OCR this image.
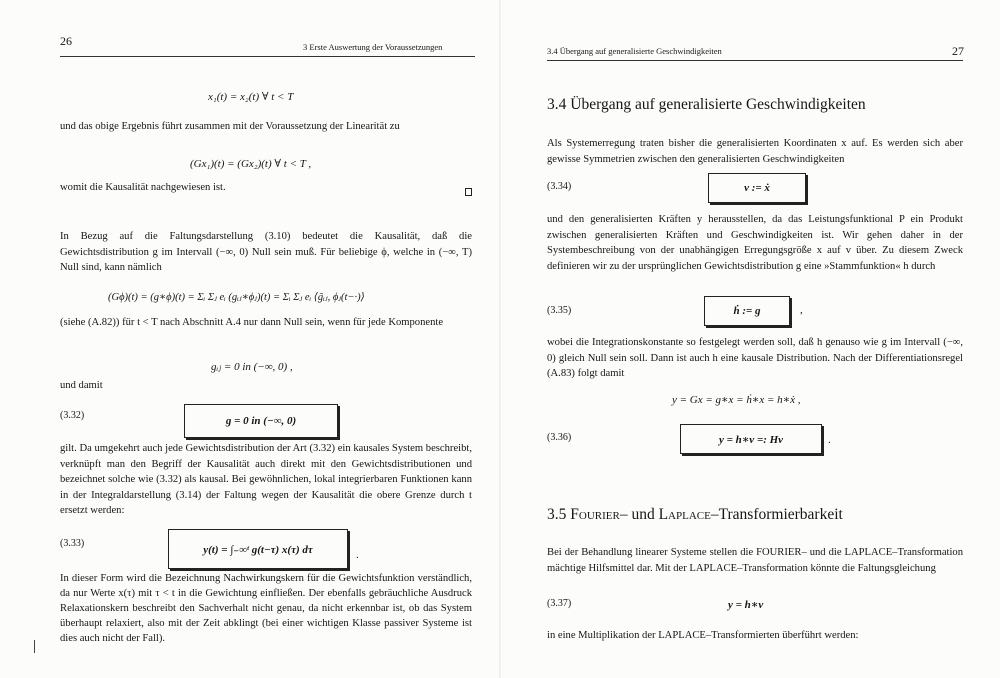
26	3 Erste Auswertung der Voraussetzungen
x₁(t) = x₂(t) ∀ t < T
und das obige Ergebnis führt zusammen mit der Voraussetzung der Linearität zu
(Gx₁)(t) = (Gx₂)(t) ∀ t < T ,
womit die Kausalität nachgewiesen ist.
In Bezug auf die Faltungsdarstellung (3.10) bedeutet die Kausalität, daß die Gewichtsdistribution g im Intervall (−∞, 0) Null sein muß. Für beliebige ϕ, welche in (−∞, T) Null sind, kann nämlich
(Gϕ)(t) = (g∗ϕ)(t) = Σᵢ Σⱼ eᵢ (gᵢⱼ∗ϕⱼ)(t) = Σᵢ Σⱼ eᵢ ⟨g̃ᵢⱼ, ϕⱼ(t−·)⟩
(siehe (A.82)) für t < T nach Abschnitt A.4 nur dann Null sein, wenn für jede Komponente
gᵢⱼ = 0 in (−∞, 0) ,
und damit
(3.32)	g = 0 in (−∞, 0)
gilt. Da umgekehrt auch jede Gewichtsdistribution der Art (3.32) ein kausales System beschreibt, verknüpft man den Begriff der Kausalität auch direkt mit den Gewichtsdistributionen und bezeichnet solche wie (3.32) als kausal. Bei gewöhnlichen, lokal integrierbaren Funktionen kann in der Integraldarstellung (3.14) der Faltung wegen der Kausalität die obere Grenze durch t ersetzt werden:
(3.33)	y(t) = ∫₋∞ᵗ g(t−τ) x(τ) dτ	.
In dieser Form wird die Bezeichnung Nachwirkungskern für die Gewichtsfunktion verständlich, da nur Werte x(τ) mit τ < t in die Gewichtung einfließen. Der ebenfalls gebräuchliche Ausdruck Relaxationskern beschreibt den Sachverhalt nicht genau, da nicht erkennbar ist, ob das System überhaupt relaxiert, also mit der Zeit abklingt (bei einer wichtigen Klasse passiver Systeme ist dies auch nicht der Fall).
3.4 Übergang auf generalisierte Geschwindigkeiten	27
3.4 Übergang auf generalisierte Geschwindigkeiten
Als Systemerregung traten bisher die generalisierten Koordinaten x auf. Es werden sich aber gewisse Symmetrien zwischen den generalisierten Geschwindigkeiten
(3.34)	v := ẋ
und den generalisierten Kräften y herausstellen, da das Leistungsfunktional P ein Produkt zwischen generalisierten Kräften und Geschwindigkeiten ist. Wir gehen daher in der Systembeschreibung von der unabhängigen Erregungsgröße x auf v über. Zu diesem Zweck definieren wir zu der ursprünglichen Gewichtsdistribution g eine »Stammfunktion« h durch
(3.35)	ḣ := g	,
wobei die Integrationskonstante so festgelegt werden soll, daß h genauso wie g im Intervall (−∞, 0) gleich Null sein soll. Dann ist auch h eine kausale Distribution. Nach der Differentiationsregel (A.83) folgt damit
y = Gx = g∗x = ḣ∗x = h∗ẋ ,
(3.36)	y = h∗v =: Hv	.
3.5 Fourier– und Laplace–Transformierbarkeit
Bei der Behandlung linearer Systeme stellen die FOURIER– und die LAPLACE–Transformation mächtige Hilfsmittel dar. Mit der LAPLACE–Transformation könnte die Faltungsgleichung
(3.37)	y = h∗v
in eine Multiplikation der LAPLACE–Transformierten überführt werden:
